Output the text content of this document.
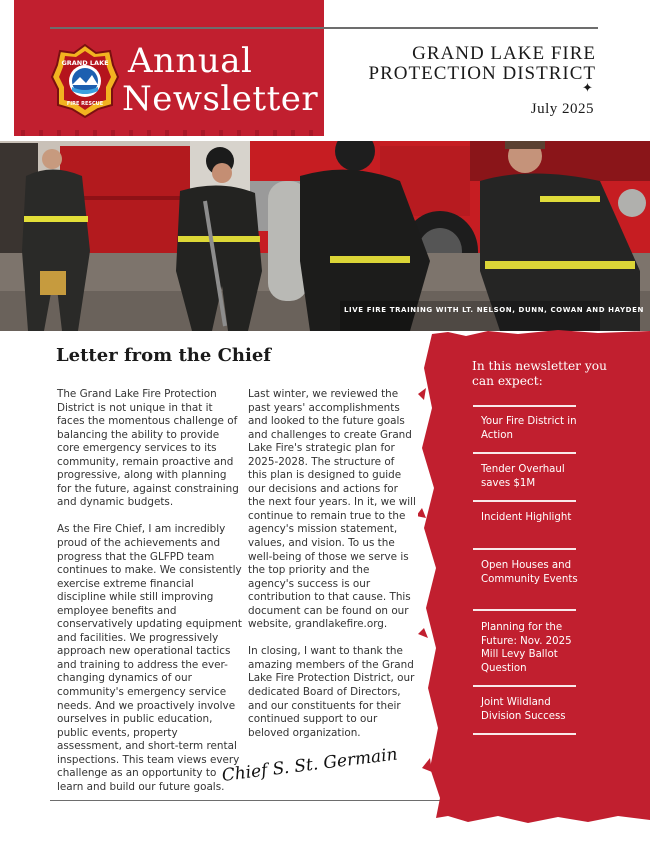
GRAND LAKE
FIRE RESCUE
Annual
Newsletter
GRAND LAKE FIRE
PROTECTION DISTRICT
✦
July 2025
LIVE FIRE TRAINING WITH LT. NELSON, DUNN, COWAN AND HAYDEN
Letter from the Chief

The Grand Lake Fire Protection District is not unique in that it faces the momentous challenge of balancing the ability to provide core emergency services to its community, remain proactive and progressive, along with planning for the future, against constraining and dynamic budgets.

As the Fire Chief, I am incredibly proud of the achievements and progress that the GLFPD team continues to make. We consistently exercise extreme financial discipline while still improving employee benefits and conservatively updating equipment and facilities. We progressively approach new operational tactics and training to address the ever-changing dynamics of our community's emergency service needs. And we proactively involve ourselves in public education, public events, property assessment, and short-term rental inspections. This team views every challenge as an opportunity to learn and build our future goals.

Last winter, we reviewed the past years' accomplishments and looked to the future goals and challenges to create Grand Lake Fire's strategic plan for 2025-2028. The structure of this plan is designed to guide our decisions and actions for the next four years. In it, we will continue to remain true to the agency's mission statement, values, and vision. To us the well-being of those we serve is the top priority and the agency's success is our contribution to that cause. This document can be found on our website, grandlakefire.org.

In closing, I want to thank the amazing members of the Grand Lake Fire Protection District, our dedicated Board of Directors, and our constituents for their continued support to our beloved organization.

Chief S. St. Germain
In this newsletter you can expect:
Your Fire District in Action
Tender Overhaul saves $1M
Incident Highlight
Open Houses and Community Events
Planning for the Future: Nov. 2025 Mill Levy Ballot Question
Joint Wildland Division Success
